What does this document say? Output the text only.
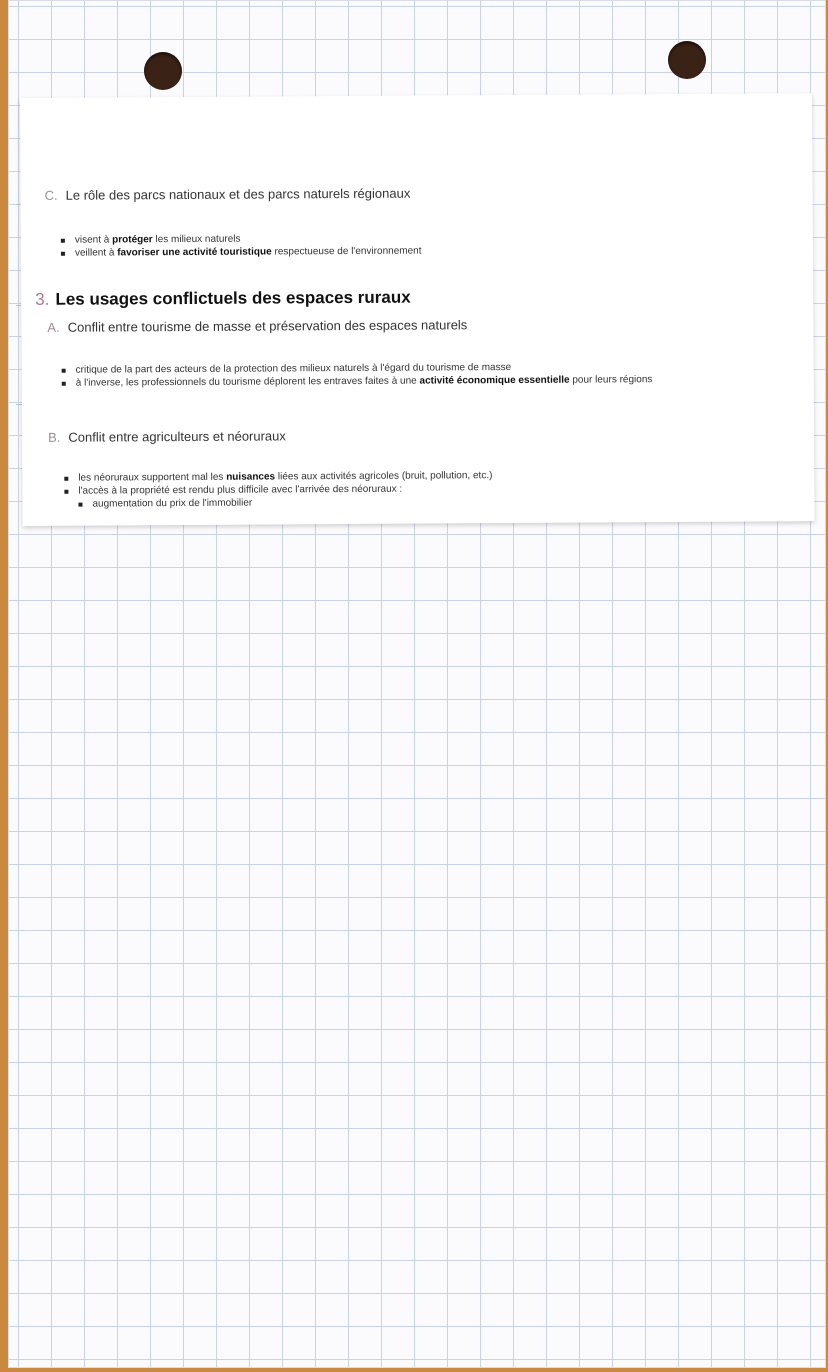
C. Le rôle des parcs nationaux et des parcs naturels régionaux
visent à protéger les milieux naturels
veillent à favoriser une activité touristique respectueuse de l'environnement
3. Les usages conflictuels des espaces ruraux
A. Conflit entre tourisme de masse et préservation des espaces naturels
critique de la part des acteurs de la protection des milieux naturels à l'égard du tourisme de masse
à l'inverse, les professionnels du tourisme déplorent les entraves faites à une activité économique essentielle pour leurs régions
B. Conflit entre agriculteurs et néoruraux
les néoruraux supportent mal les nuisances liées aux activités agricoles (bruit, pollution, etc.)
l'accès à la propriété est rendu plus difficile avec l'arrivée des néoruraux :
augmentation du prix de l'immobilier
